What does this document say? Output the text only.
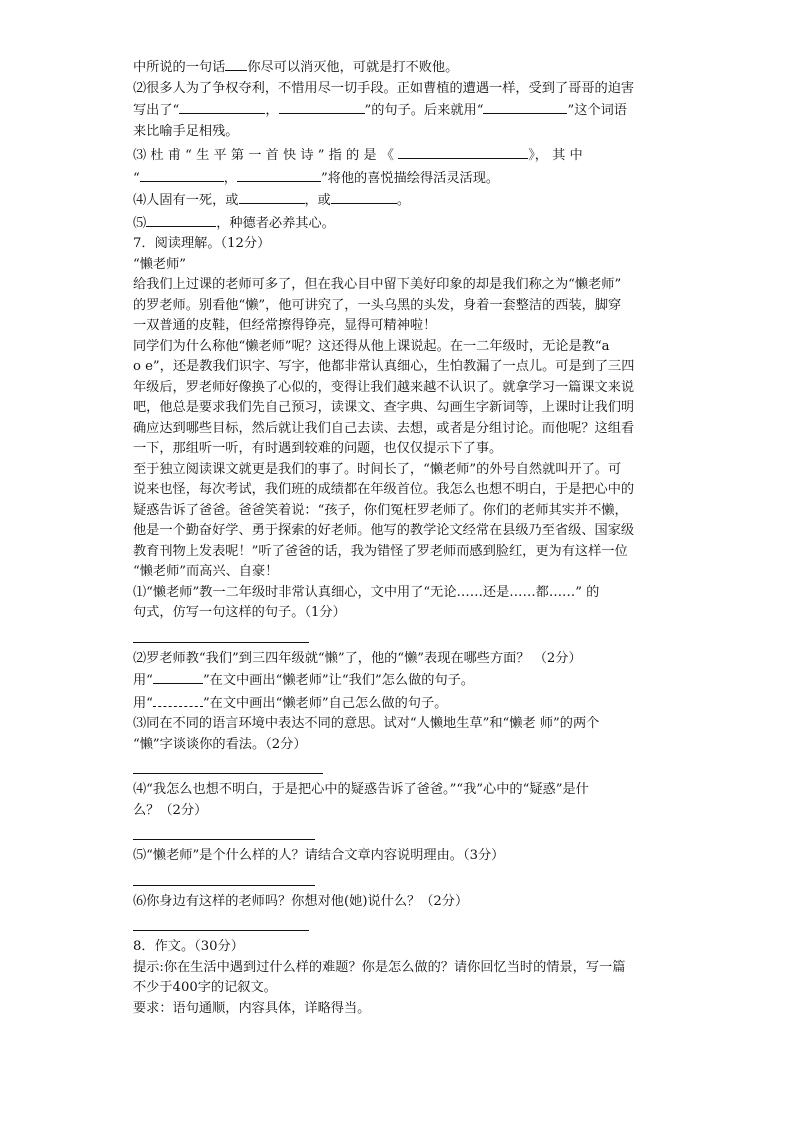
中所说的一句话 你尽可以消灭他，可就是打不败他。
⑵很多人为了争权夺利，不惜用尽一切手段。正如曹植的遭遇一样，受到了哥哥的迫害
写出了“	，	”的句子。后来就用“	”这个词语
来比喻手足相残。
⑶ 杜 甫 “ 生 平 第 一 首 快 诗 ” 指 的 是 《	》， 其 中
“	，	”将他的喜悦描绘得活灵活现。
⑷人固有一死，或	，或	。
⑸	，种德者必养其心。
7．阅读理解。（12分）
“懒老师”
给我们上过课的老师可多了，但在我心目中留下美好印象的却是我们称之为“懒老师”
的罗老师。别看他“懒”，他可讲究了，一头乌黑的头发，身着一套整洁的西装，脚穿
一双普通的皮鞋，但经常擦得铮亮，显得可精神啦！
同学们为什么称他“懒老师”呢？这还得从他上课说起。在一二年级时，无论是教“a
o e”，还是教我们识字、写字，他都非常认真细心，生怕教漏了一点儿。可是到了三四
年级后，罗老师好像换了心似的，变得让我们越来越不认识了。就拿学习一篇课文来说
吧，他总是要求我们先自己预习，读课文、查字典、勾画生字新词等，上课时让我们明
确应达到哪些目标，然后就让我们自己去读、去想，或者是分组讨论。而他呢？这组看
一下，那组听一听，有时遇到较难的问题，也仅仅提示下了事。
至于独立阅读课文就更是我们的事了。时间长了，“懒老师”的外号自然就叫开了。可
说来也怪，每次考试，我们班的成绩都在年级首位。我怎么也想不明白，于是把心中的
疑惑告诉了爸爸。爸爸笑着说：“孩子，你们冤枉罗老师了。你们的老师其实并不懒，
他是一个勤奋好学、勇于探索的好老师。他写的教学论文经常在县级乃至省级、国家级
教育刊物上发表呢！”听了爸爸的话，我为错怪了罗老师而感到脸红，更为有这样一位
“懒老师”而高兴、自豪！
⑴“懒老师”教一二年级时非常认真细心，文中用了“无论……还是……都……” 的
句式，仿写一句这样的句子。（1分）
⑵罗老师教“我们”到三四年级就“懒”了，他的“懒”表现在哪些方面？ （2分）
用“	”在文中画出“懒老师”让“我们”怎么做的句子。
用“	”在文中画出“懒老师”自己怎么做的句子。
⑶同在不同的语言环境中表达不同的意思。试对“人懒地生草”和“懒老 师”的两个
“懒”字谈谈你的看法。（2分）
⑷“我怎么也想不明白，于是把心中的疑惑告诉了爸爸。”“我”心中的“疑惑”是什
么？（2分）
⑸“懒老师”是个什么样的人？请结合文章内容说明理由。（3分）
⑹你身边有这样的老师吗？你想对他(她)说什么？（2分）
8．作文。（30分）
提示:你在生活中遇到过什么样的难题？你是怎么做的？请你回忆当时的情景，写一篇
不少于400字的记叙文。
要求：语句通顺，内容具体，详略得当。
